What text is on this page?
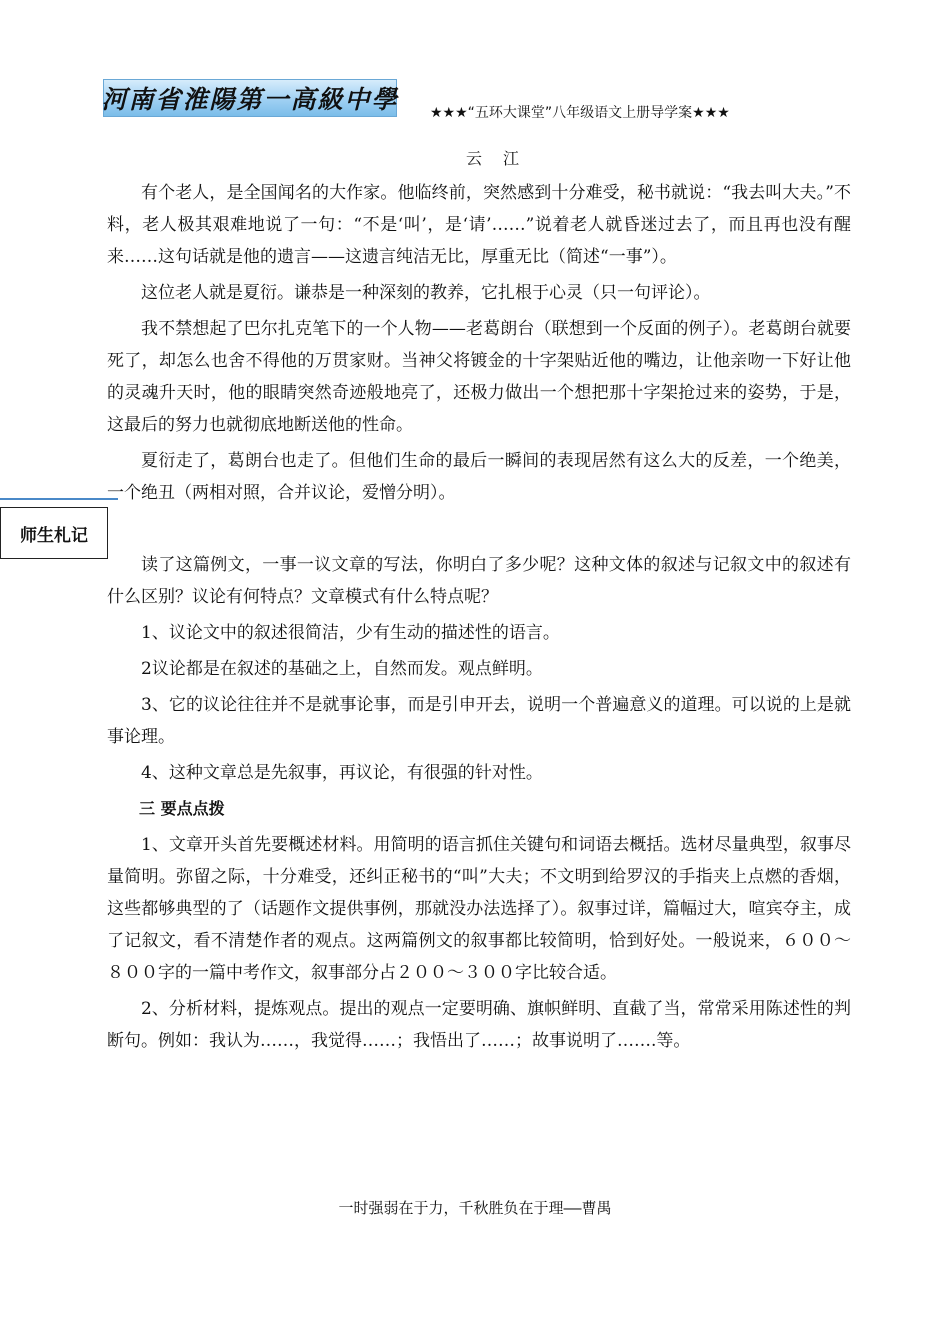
河南省淮陽第一高級中學 ★★★“五环大课堂”八年级语文上册导学案★★★
云 江
师生札记

有个老人，是全国闻名的大作家。他临终前，突然感到十分难受，秘书就说：“我去叫大夫。”不料，老人极其艰难地说了一句：“不是‘叫’，是‘请’……”说着老人就昏迷过去了，而且再也没有醒来……这句话就是他的遗言——这遗言纯洁无比，厚重无比（简述“一事”）。

这位老人就是夏衍。谦恭是一种深刻的教养，它扎根于心灵（只一句评论）。

我不禁想起了巴尔扎克笔下的一个人物——老葛朗台（联想到一个反面的例子）。老葛朗台就要死了，却怎么也舍不得他的万贯家财。当神父将镀金的十字架贴近他的嘴边，让他亲吻一下好让他的灵魂升天时，他的眼睛突然奇迹般地亮了，还极力做出一个想把那十字架抢过来的姿势，于是，这最后的努力也就彻底地断送他的性命。

夏衍走了，葛朗台也走了。但他们生命的最后一瞬间的表现居然有这么大的反差，一个绝美，一个绝丑（两相对照，合并议论，爱憎分明）。

读了这篇例文，一事一议文章的写法，你明白了多少呢？这种文体的叙述与记叙文中的叙述有什么区别？议论有何特点？文章模式有什么特点呢？

1、议论文中的叙述很简洁，少有生动的描述性的语言。

2议论都是在叙述的基础之上，自然而发。观点鲜明。

3、它的议论往往并不是就事论事，而是引申开去，说明一个普遍意义的道理。可以说的上是就事论理。

4、这种文章总是先叙事，再议论，有很强的针对性。

三 要点点拨

1、文章开头首先要概述材料。用简明的语言抓住关键句和词语去概括。选材尽量典型，叙事尽量简明。弥留之际，十分难受，还纠正秘书的“叫”大夫；不文明到给罗汉的手指夹上点燃的香烟，这些都够典型的了（话题作文提供事例，那就没办法选择了）。叙事过详，篇幅过大，喧宾夺主，成了记叙文，看不清楚作者的观点。这两篇例文的叙事都比较简明，恰到好处。一般说来，６００～８００字的一篇中考作文，叙事部分占２００～３００字比较合适。

2、分析材料，提炼观点。提出的观点一定要明确、旗帜鲜明、直截了当，常常采用陈述性的判断句。例如：我认为……，我觉得……；我悟出了……；故事说明了…….等。

一时强弱在于力，千秋胜负在于理——曹禺
